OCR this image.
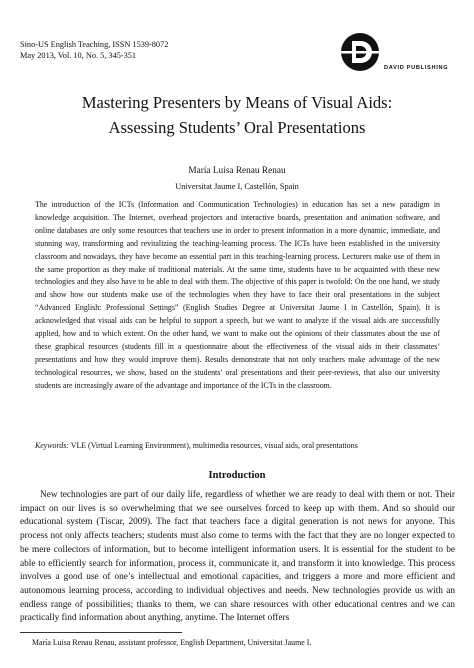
Sino-US English Teaching, ISSN 1539-8072
May 2013, Vol. 10, No. 5, 345-351
DAVID PUBLISHING
Mastering Presenters by Means of Visual Aids:
Assessing Students’ Oral Presentations
María Luisa Renau Renau
Universitat Jaume I, Castellón, Spain
The introduction of the ICTs (Information and Communication Technologies) in education has set a new paradigm in knowledge acquisition. The Internet, overhead projectors and interactive boards, presentation and animation software, and online databases are only some resources that teachers use in order to present information in a more dynamic, immediate, and stunning way, transforming and revitalizing the teaching-learning process. The ICTs have been established in the university classroom and nowadays, they have become an essential part in this teaching-learning process. Lecturers make use of them in the same proportion as they make of traditional materials. At the same time, students have to be acquainted with these new technologies and they also have to be able to deal with them. The objective of this paper is twofold: On the one hand, we study and show how our students make use of the technologies when they have to face their oral presentations in the subject “Advanced English: Professional Settings” (English Studies Degree at Universitat Jaume I in Castellón, Spain). It is acknowledged that visual aids can be helpful to support a speech, but we want to analyze if the visual aids are successfully applied, how and to which extent. On the other hand, we want to make out the opinions of their classmates about the use of these graphical resources (students fill in a questionnaire about the effectiveness of the visual aids in their classmates’ presentations and how they would improve them). Results demonstrate that not only teachers make advantage of the new technological resources, we show, based on the students’ oral presentations and their peer-reviews, that also our university students are increasingly aware of the advantage and importance of the ICTs in the classroom.
Keywords: VLE (Virtual Learning Environment), multimedia resources, visual aids, oral presentations
Introduction
New technologies are part of our daily life, regardless of whether we are ready to deal with them or not. Their impact on our lives is so overwhelming that we see ourselves forced to keep up with them. And so should our educational system (Tíscar, 2009). The fact that teachers face a digital generation is not news for anyone. This process not only affects teachers; students must also come to terms with the fact that they are no longer expected to be mere collectors of information, but to become intelligent information users. It is essential for the student to be able to efficiently search for information, process it, communicate it, and transform it into knowledge. This process involves a good use of one’s intellectual and emotional capacities, and triggers a more and more efficient and autonomous learning process, according to individual objectives and needs. New technologies provide us with an endless range of possibilities; thanks to them, we can share resources with other educational centres and we can practically find information about anything, anytime. The Internet offers
María Luisa Renau Renau, assistant professor, English Department, Universitat Jaume I.
